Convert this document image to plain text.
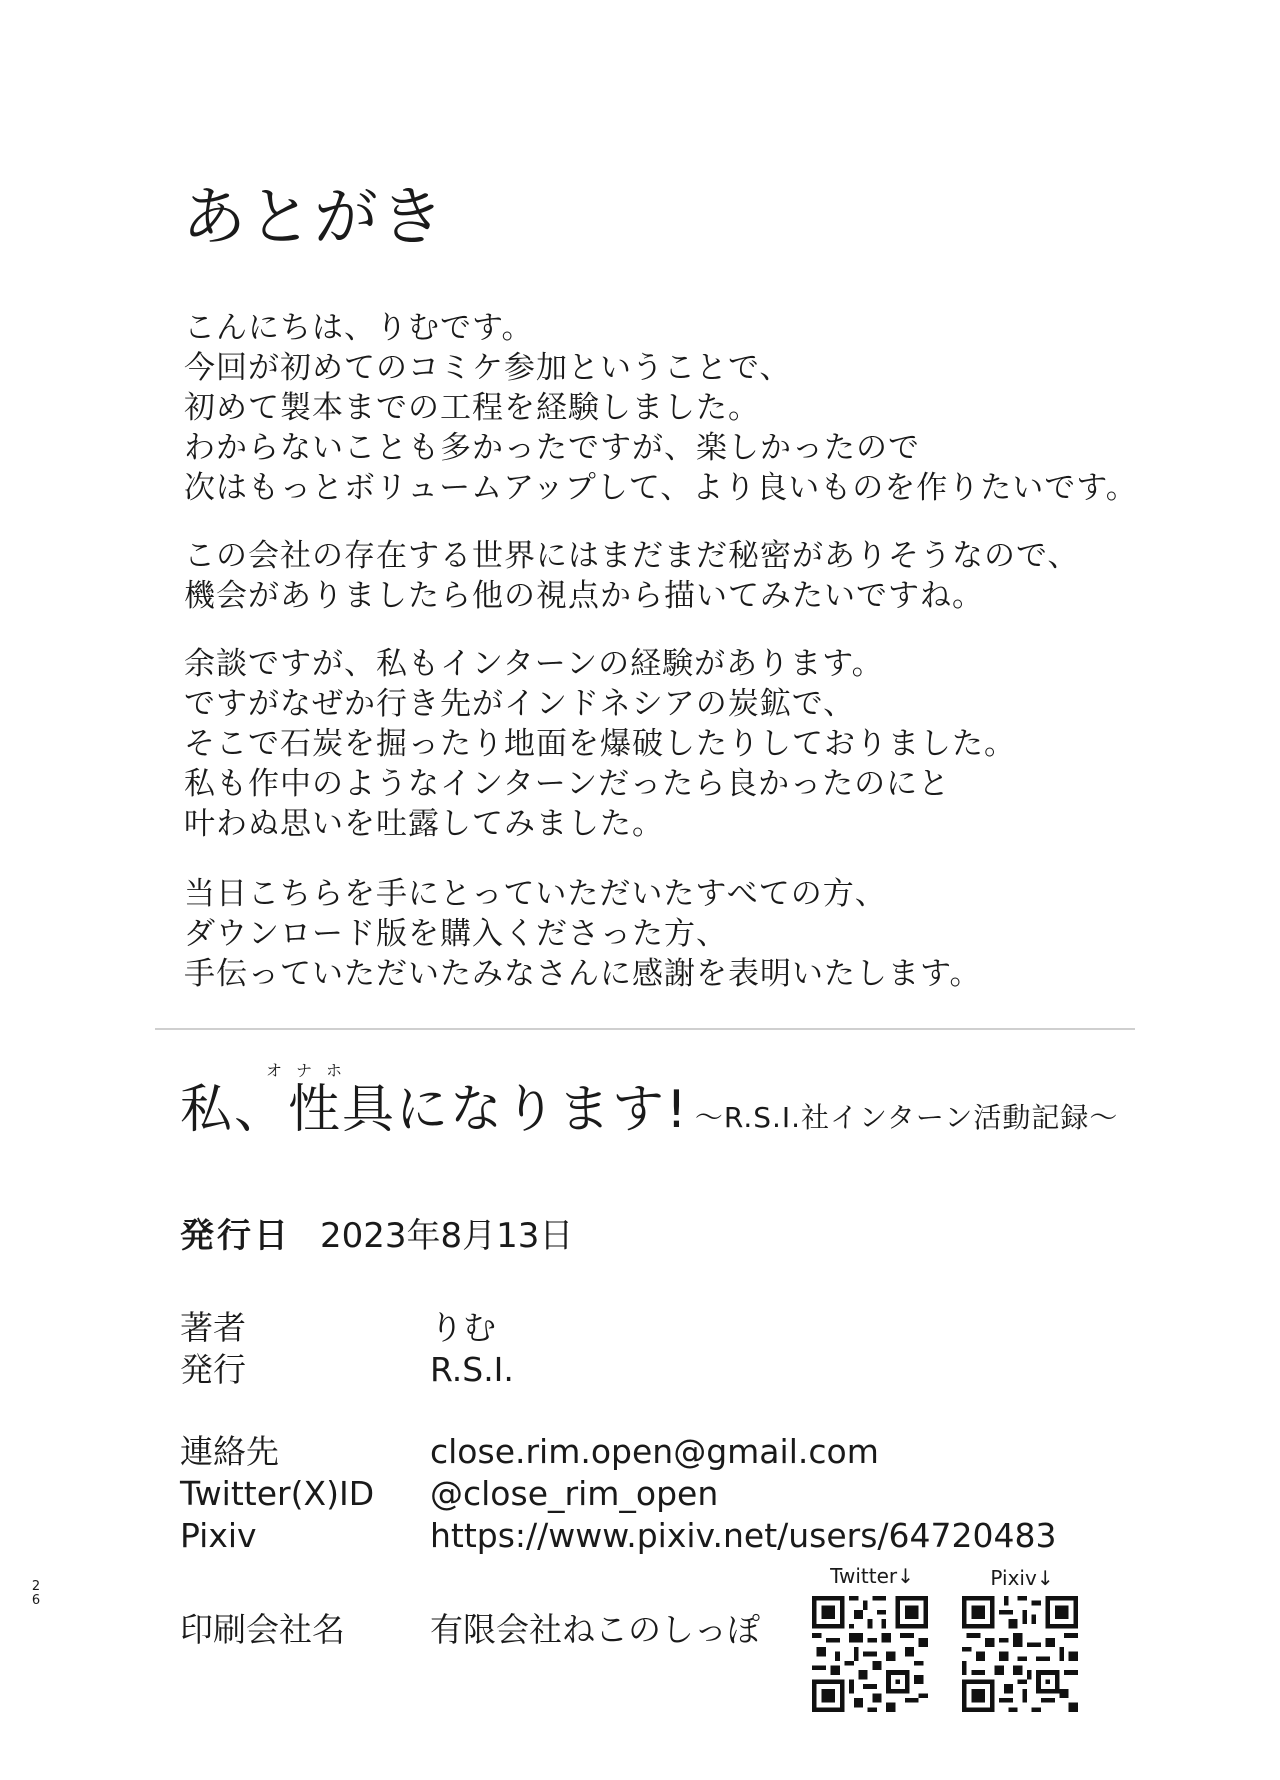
あとがき
こんにちは、りむです。
今回が初めてのコミケ参加ということで、
初めて製本までの工程を経験しました。
わからないことも多かったですが、楽しかったので
次はもっとボリュームアップして、より良いものを作りたいです。
この会社の存在する世界にはまだまだ秘密がありそうなので、
機会がありましたら他の視点から描いてみたいですね。
余談ですが、私もインターンの経験があります。
ですがなぜか行き先がインドネシアの炭鉱で、
そこで石炭を掘ったり地面を爆破したりしておりました。
私も作中のようなインターンだったら良かったのにと
叶わぬ思いを吐露してみました。
当日こちらを手にとっていただいたすべての方、
ダウンロード版を購入くださった方、
手伝っていただいたみなさんに感謝を表明いたします。
オナホ
私、性具になります! 〜R.S.I.社インターン活動記録〜
発行日 2023年8月13日
著者	りむ
発行	R.S.I.
連絡先	close.rim.open@gmail.com
Twitter(X)ID @close_rim_open
Pixiv	https://www.pixiv.net/users/64720483
印刷会社名	有限会社ねこのしっぽ
Twitter↓	Pixiv↓
2
6
